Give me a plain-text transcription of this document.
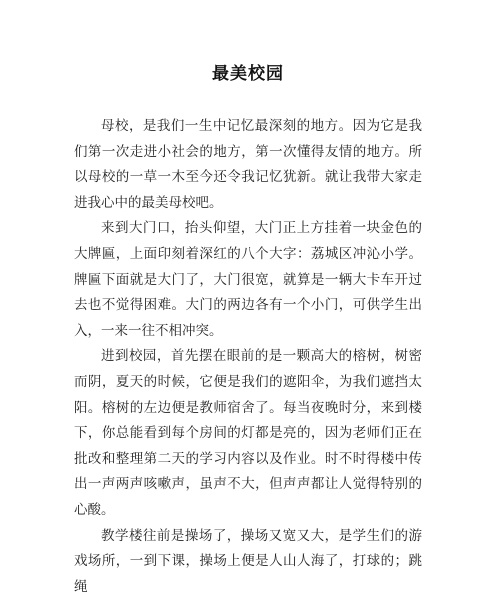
最美校园

母校，是我们一生中记忆最深刻的地方。因为它是我们第一次走进小社会的地方，第一次懂得友情的地方。所以母校的一草一木至今还令我记忆犹新。就让我带大家走进我心中的最美母校吧。

来到大门口，抬头仰望，大门正上方挂着一块金色的大牌匾，上面印刻着深红的八个大字：荔城区冲沁小学。牌匾下面就是大门了，大门很宽，就算是一辆大卡车开过去也不觉得困难。大门的两边各有一个小门，可供学生出入，一来一往不相冲突。

进到校园，首先摆在眼前的是一颗高大的榕树，树密而阴，夏天的时候，它便是我们的遮阳伞，为我们遮挡太阳。榕树的左边便是教师宿舍了。每当夜晚时分，来到楼下，你总能看到每个房间的灯都是亮的，因为老师们正在批改和整理第二天的学习内容以及作业。时不时得楼中传出一声两声咳嗽声，虽声不大，但声声都让人觉得特别的心酸。

教学楼往前是操场了，操场又宽又大，是学生们的游戏场所，一到下课，操场上便是人山人海了，打球的；跳绳
